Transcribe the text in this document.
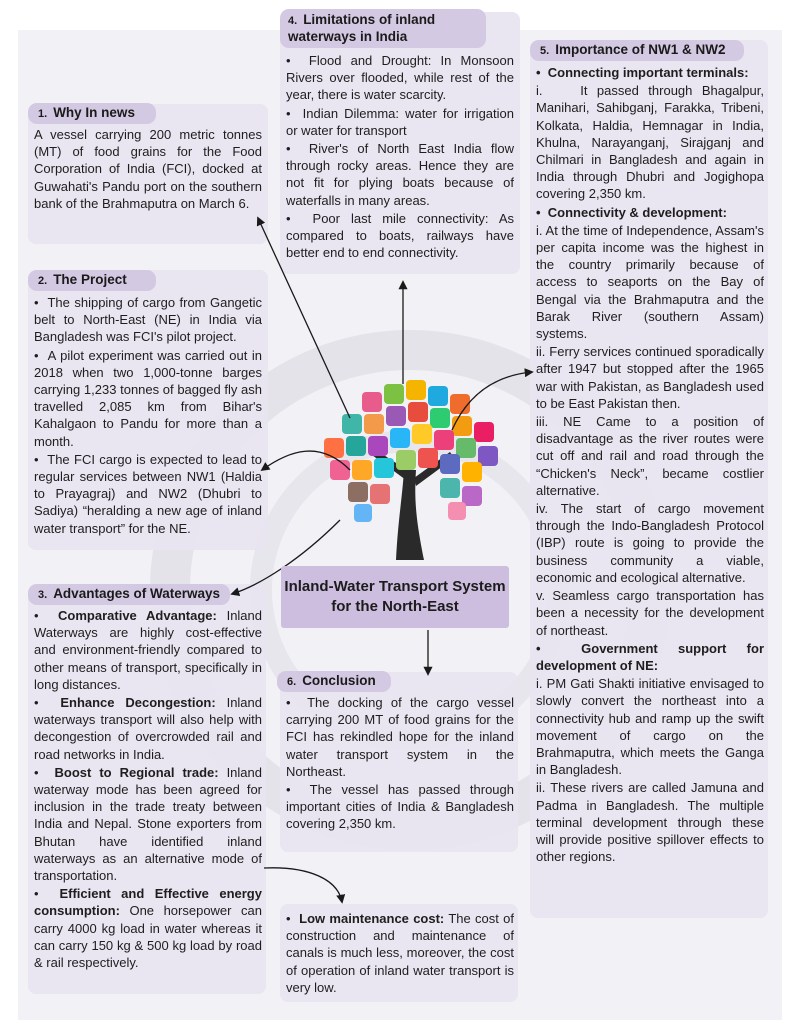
1. Why In news

A vessel carrying 200 metric tonnes (MT) of food grains for the Food Corporation of India (FCI), docked at Guwahati's Pandu port on the southern bank of the Brahmaputra on March 6.

2. The Project

•  The shipping of cargo from Gangetic belt to North-East (NE) in India via Bangladesh was FCI's pilot project.

•  A pilot experiment was carried out in 2018 when two 1,000-tonne barges carrying 1,233 tonnes of bagged fly ash travelled 2,085 km from Bihar's Kahalgaon to Pandu for more than a month.

•  The FCI cargo is expected to lead to regular services between NW1 (Haldia to Prayagraj) and NW2 (Dhubri to Sadiya) “heralding a new age of inland water transport” for the NE.

3. Advantages of Waterways

•  Comparative Advantage: Inland Waterways are highly cost-effective and environment-friendly compared to other means of transport, specifically in long distances.

•  Enhance Decongestion: Inland waterways transport will also help with decongestion of overcrowded rail and road networks in India.

•  Boost to Regional trade: Inland waterway mode has been agreed for inclusion in the trade treaty between India and Nepal. Stone exporters from Bhutan have identified inland waterways as an alternative mode of transportation.

•  Efficient and Effective energy consumption: One horsepower can carry 4000 kg load in water whereas it can carry 150 kg & 500 kg load by road & rail respectively.

4. Limitations of inland waterways in India

•  Flood and Drought: In Monsoon Rivers over flooded, while rest of the year, there is water scarcity.

•  Indian Dilemma: water for irrigation or water for transport

•  River's of North East India flow through rocky areas. Hence they are not fit for plying boats because of waterfalls in many areas.

•  Poor last mile connectivity: As compared to boats, railways have better end to end connectivity.

5. Importance of NW1 & NW2

•  Connecting important terminals:

i.    It passed through Bhagalpur, Manihari, Sahibganj, Farakka, Tribeni, Kolkata, Haldia, Hemnagar in India, Khulna, Narayanganj, Sirajganj and Chilmari in Bangladesh and again in India through Dhubri and Jogighopa covering 2,350 km.

•  Connectivity & development:

i. At the time of Independence, Assam's per capita income was the highest in the country primarily because of access to seaports on the Bay of Bengal via the Brahmaputra and the Barak River (southern Assam) systems.

ii. Ferry services continued sporadically after 1947 but stopped after the 1965 war with Pakistan, as Bangladesh used to be East Pakistan then.

iii. NE Came to a position of disadvantage as the river routes were cut off and rail and road through the “Chicken's Neck”, became costlier alternative.

iv. The start of cargo movement through the Indo-Bangladesh Protocol (IBP) route is going to provide the business community a viable, economic and ecological alternative.

v. Seamless cargo transportation has been a necessity for the development of northeast.

•  Government support for development of NE:

i. PM Gati Shakti initiative envisaged to slowly convert the northeast into a connectivity hub and ramp up the swift movement of cargo on the Brahmaputra, which meets the Ganga in Bangladesh.

ii. These rivers are called Jamuna and Padma in Bangladesh. The multiple terminal development through these will provide positive spillover effects to other regions.

6. Conclusion

•  The docking of the cargo vessel carrying 200 MT of food grains for the FCI has rekindled hope for the inland water transport system in the Northeast.

•  The vessel has passed through important cities of India & Bangladesh covering 2,350 km.

•  Low maintenance cost: The cost of construction and maintenance of canals is much less, moreover, the cost of operation of inland water transport is very low.

Inland-Water Transport System for the North-East
